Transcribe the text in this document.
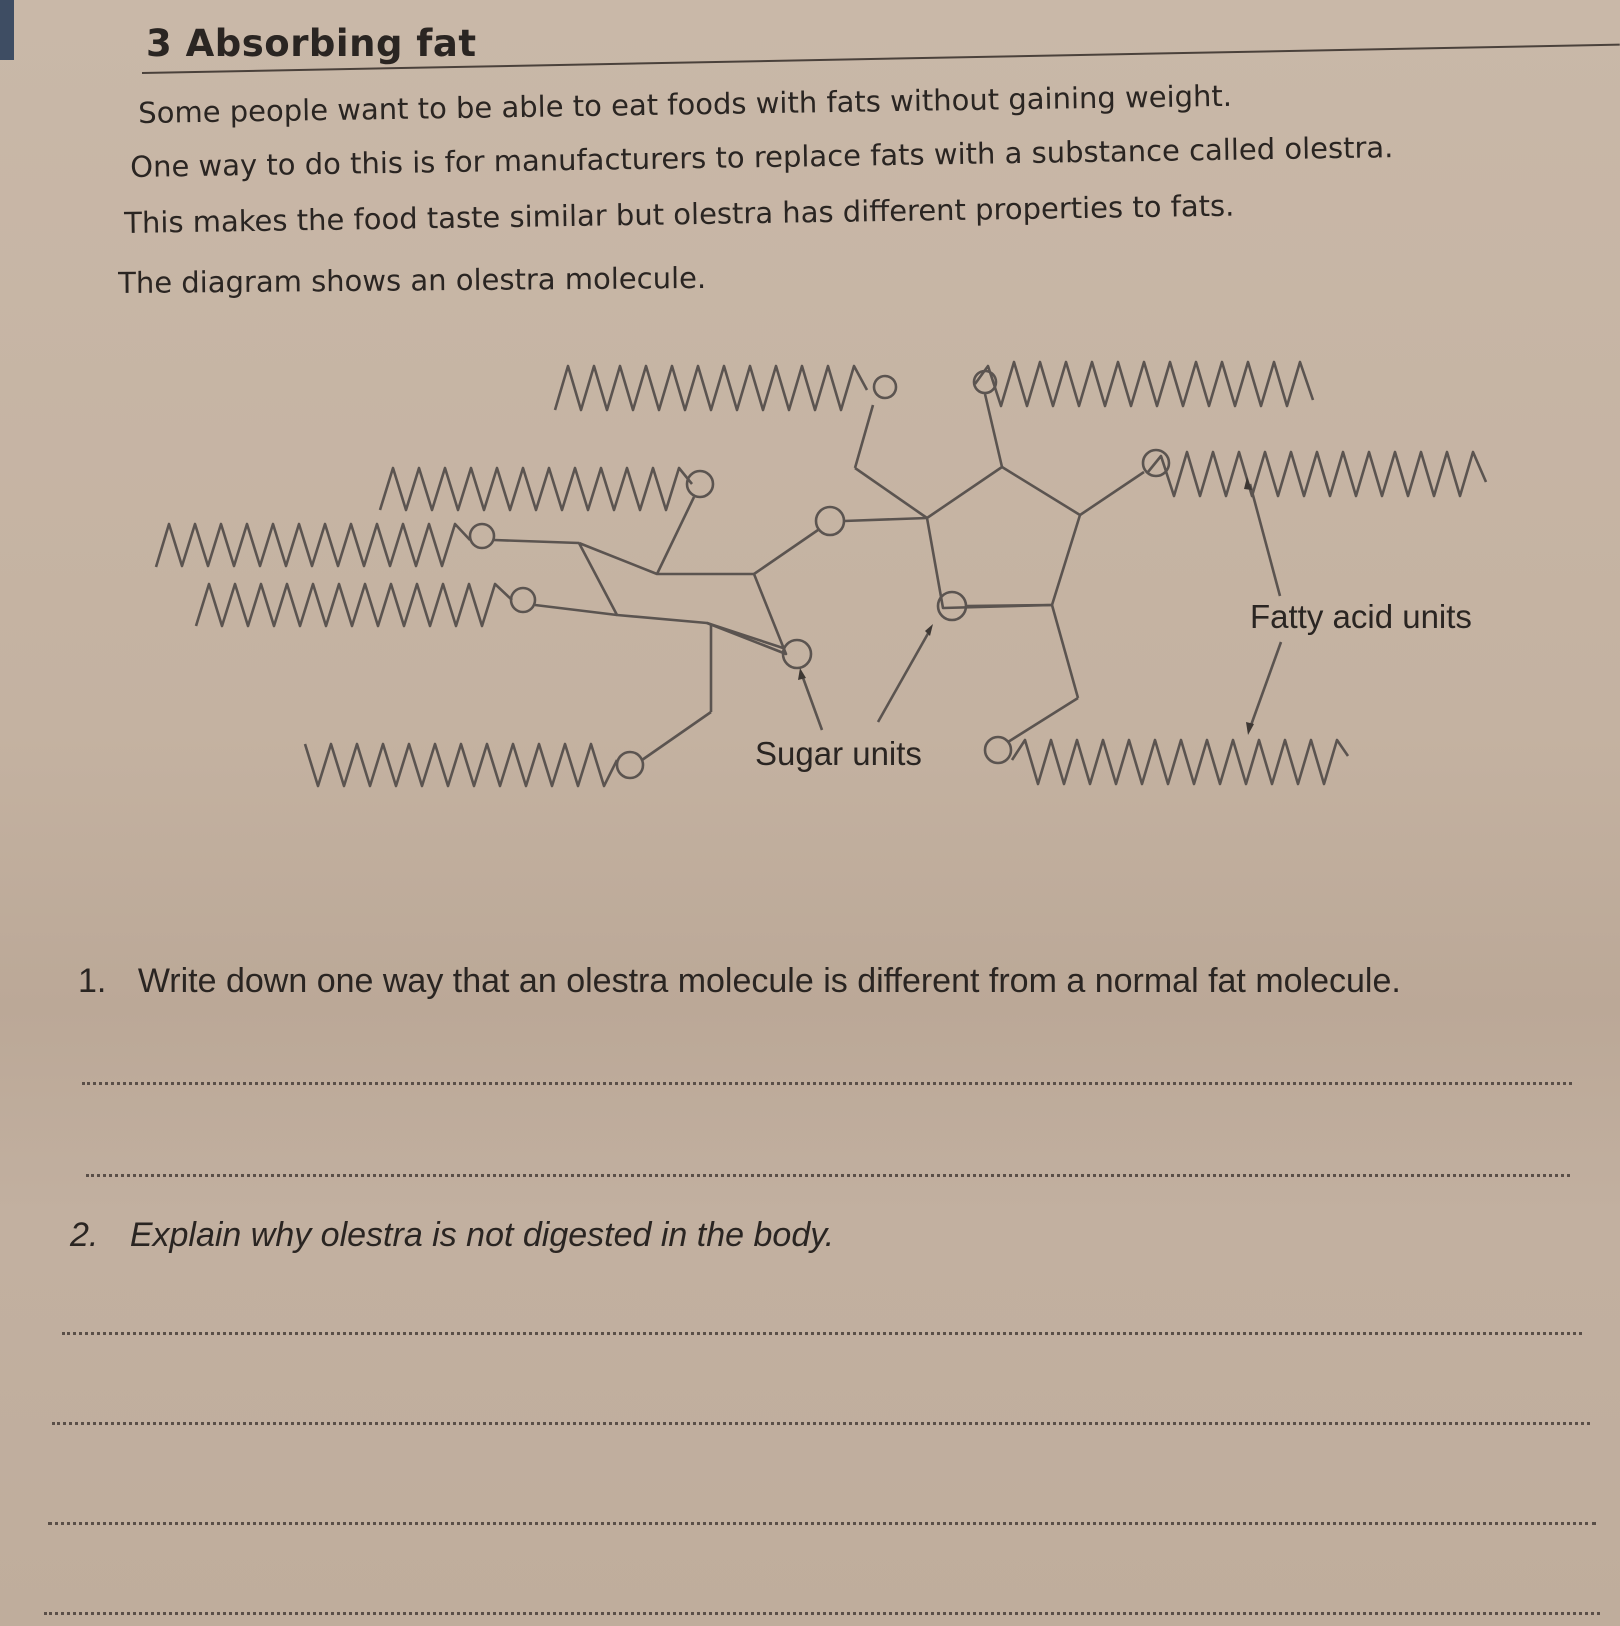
3 Absorbing fat
Some people want to be able to eat foods with fats without gaining weight.
One way to do this is for manufacturers to replace fats with a substance called olestra.
This makes the food taste similar but olestra has different properties to fats.
The diagram shows an olestra molecule.
Fatty acid units
Sugar units
1. Write down one way that an olestra molecule is different from a normal fat molecule.
2. Explain why olestra is not digested in the body.
